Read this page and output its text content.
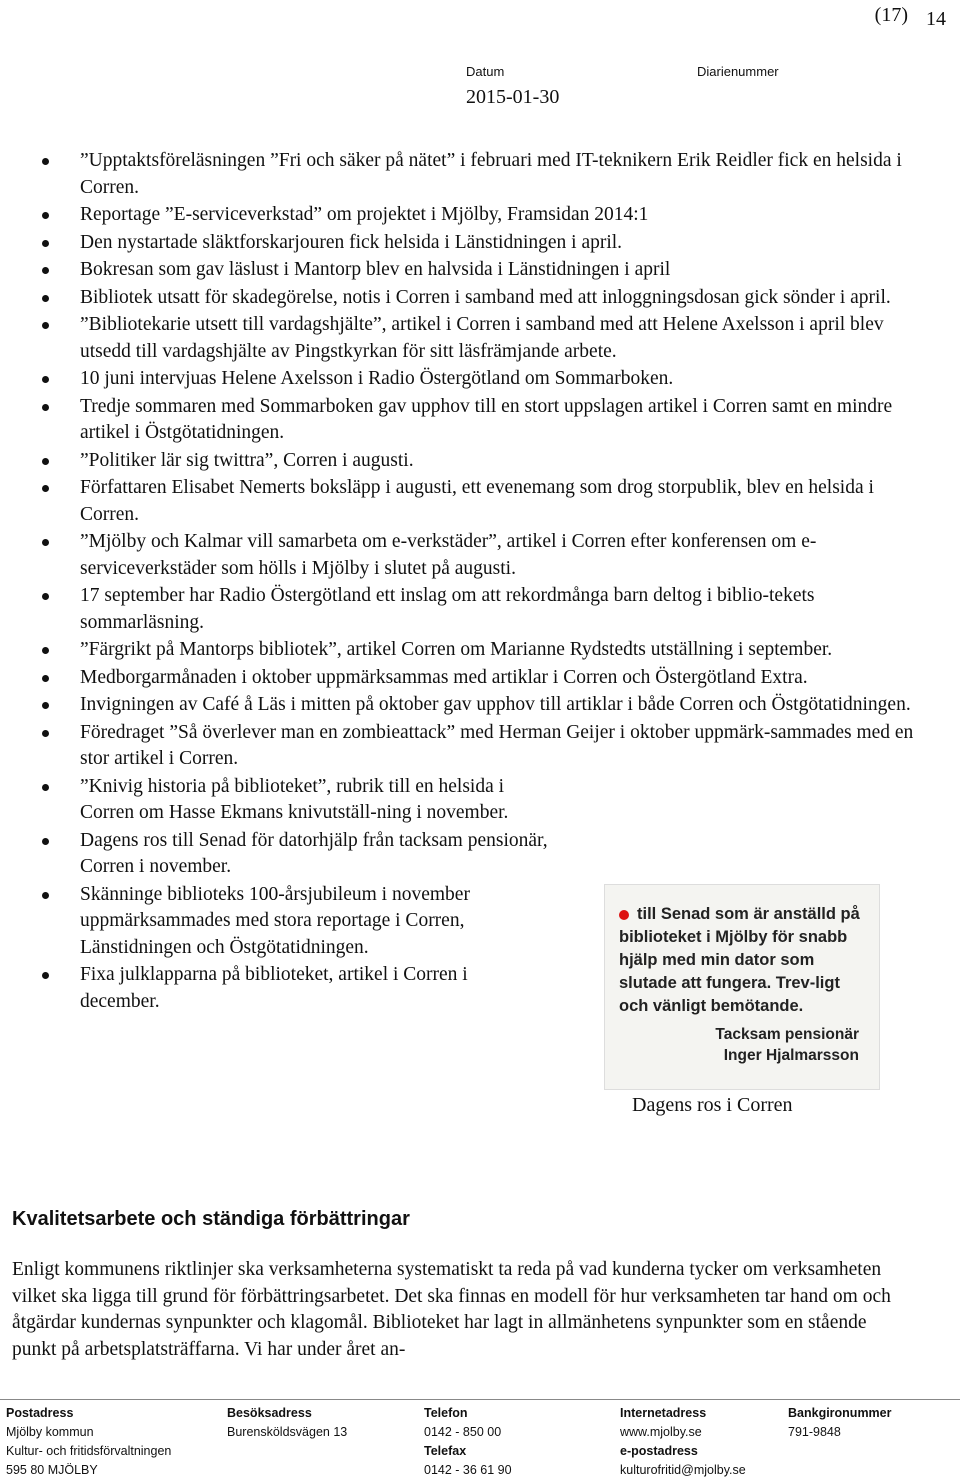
(17) 14
Datum	Diarienummer
2015-01-30
”Upptaktsföreläsningen ”Fri och säker på nätet” i februari med IT-teknikern Erik Reidler fick en helsida i Corren.
Reportage ”E-serviceverkstad” om projektet i Mjölby, Framsidan 2014:1
Den nystartade släktforskarjouren fick helsida i Länstidningen i april.
Bokresan som gav läslust i Mantorp blev en halvsida i Länstidningen i april
Bibliotek utsatt för skadegörelse, notis i Corren i samband med att inloggningsdosan gick sönder i april.
”Bibliotekarie utsett till vardagshjälte”, artikel i Corren i samband med att Helene Axelsson i april blev utsedd till vardagshjälte av Pingstkyrkan för sitt läsfrämjande arbete.
10 juni intervjuas Helene Axelsson i Radio Östergötland om Sommarboken.
Tredje sommaren med Sommarboken gav upphov till en stort uppslagen artikel i Corren samt en mindre artikel i Östgötatidningen.
”Politiker lär sig twittra”, Corren i augusti.
Författaren Elisabet Nemerts boksläpp i augusti, ett evenemang som drog storpublik, blev en helsida i Corren.
”Mjölby och Kalmar vill samarbeta om e-verkstäder”, artikel i Corren efter konferensen om e-serviceverkstäder som hölls i Mjölby i slutet på augusti.
17 september har Radio Östergötland ett inslag om att rekordmånga barn deltog i biblio-tekets sommarläsning.
”Färgrikt på Mantorps bibliotek”, artikel Corren om Marianne Rydstedts utställning i september.
Medborgarmånaden i oktober uppmärksammas med artiklar i Corren och Östergötland Extra.
Invigningen av Café å Läs i mitten på oktober gav upphov till artiklar i både Corren och Östgötatidningen.
Föredraget ”Så överlever man en zombieattack” med Herman Geijer i oktober uppmärk-sammades med en stor artikel i Corren.
”Knivig historia på biblioteket”, rubrik till en helsida i Corren om Hasse Ekmans knivutställ-ning i november.
Dagens ros till Senad för datorhjälp från tacksam pensionär, Corren i november.
Skänninge biblioteks 100-årsjubileum i november uppmärksammades med stora reportage i Corren, Länstidningen och Östgötatidningen.
Fixa julklapparna på biblioteket, artikel i Corren i december.
till Senad som är anställd på biblioteket i Mjölby för snabb hjälp med min dator som slutade att fungera. Trev-ligt och vänligt bemötande.
Tacksam pensionär
Inger Hjalmarsson
Dagens ros i Corren
Kvalitetsarbete och ständiga förbättringar

Enligt kommunens riktlinjer ska verksamheterna systematiskt ta reda på vad kunderna tycker om verksamheten vilket ska ligga till grund för förbättringsarbetet. Det ska finnas en modell för hur verksamheten tar hand om och åtgärdar kundernas synpunkter och klagomål. Biblioteket har lagt in allmänhetens synpunkter som en stående punkt på arbetsplatsträffarna. Vi har under året an-

Postadress
Mjölby kommun
Kultur- och fritidsförvaltningen
595 80 MJÖLBY
Besöksadress
Burensköldsvägen 13
Telefon
0142 - 850 00
Telefax
0142 - 36 61 90
Internetadress
www.mjolby.se
e-postadress
kulturofritid@mjolby.se
Bankgironummer
791-9848
